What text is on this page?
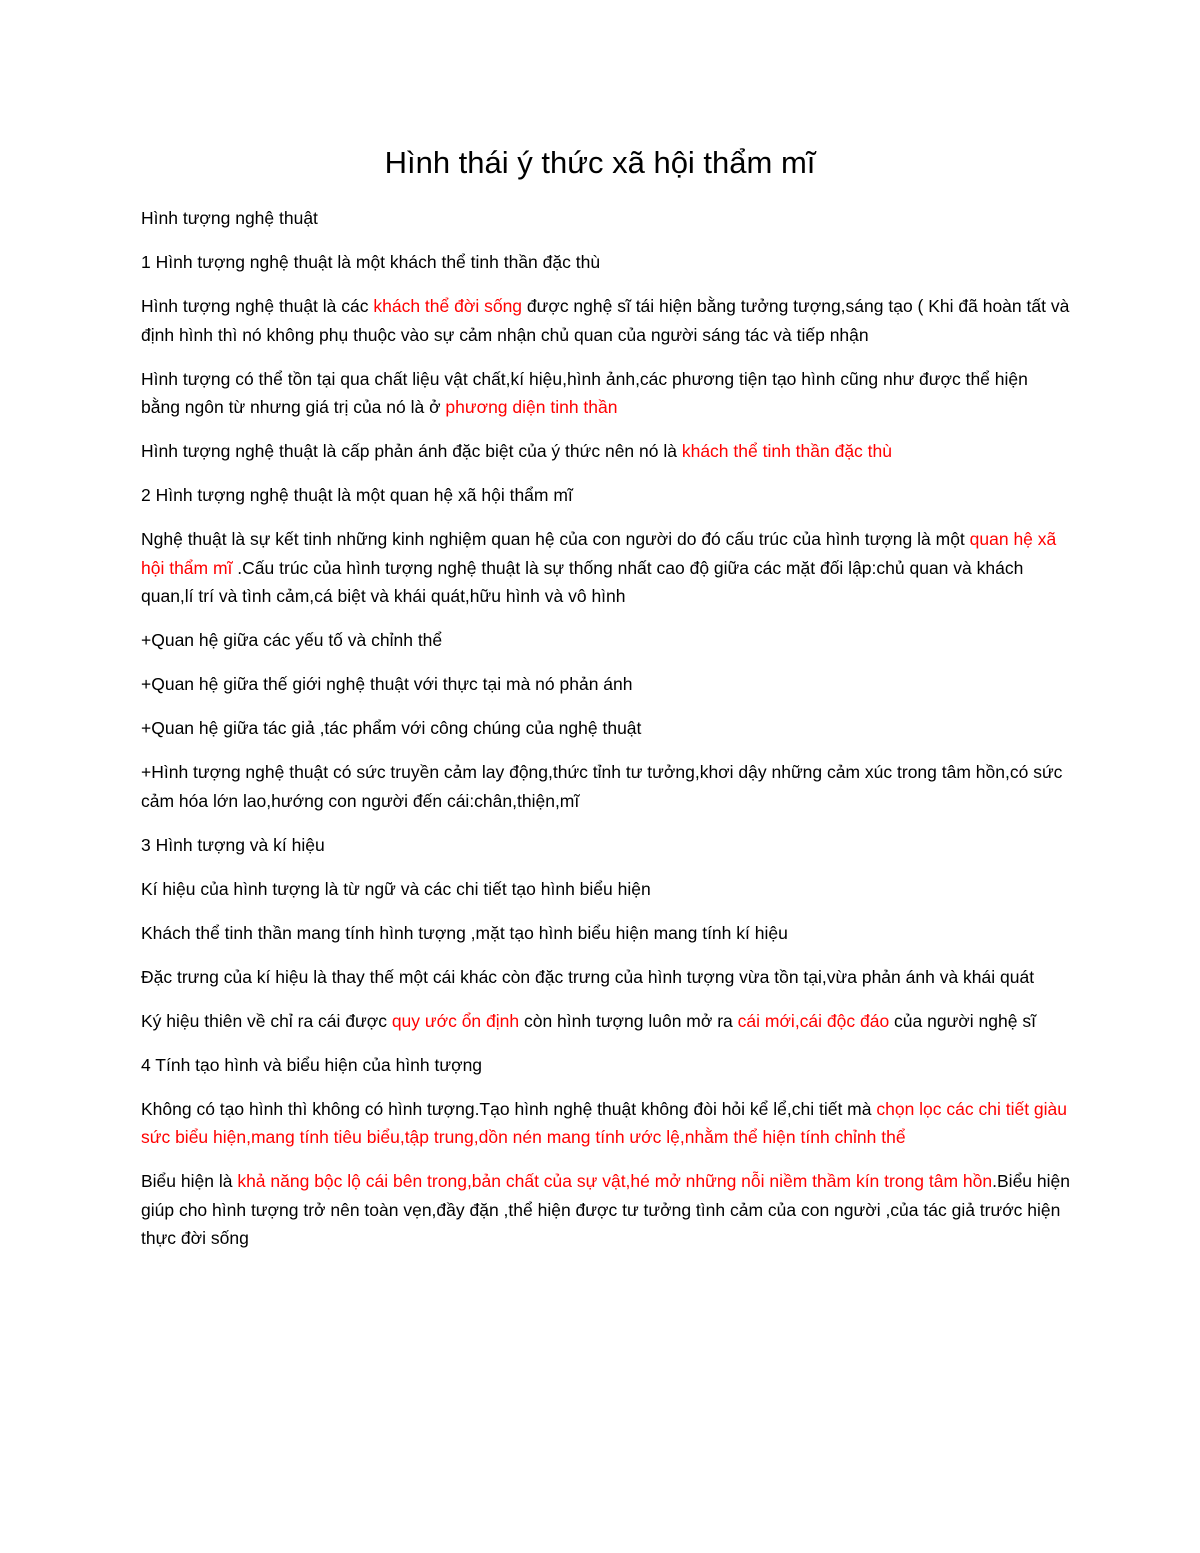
Hình thái ý thức xã hội thẩm mĩ

Hình tượng nghệ thuật

1 Hình tượng nghệ thuật là một khách thể tinh thần đặc thù

Hình tượng nghệ thuật là các khách thể đời sống được nghệ sĩ tái hiện bằng tưởng tượng,sáng tạo ( Khi đã hoàn tất và định hình thì nó không phụ thuộc vào sự cảm nhận chủ quan của người sáng tác và tiếp nhận

Hình tượng có thể tồn tại qua chất liệu vật chất,kí hiệu,hình ảnh,các phương tiện tạo hình cũng như được thể hiện bằng ngôn từ nhưng giá trị của nó là ở phương diện tinh thần

Hình tượng nghệ thuật là cấp phản ánh đặc biệt của ý thức nên nó là khách thể tinh thần đặc thù

2 Hình tượng nghệ thuật là một quan hệ xã hội thẩm mĩ

Nghệ thuật là sự kết tinh những kinh nghiệm quan hệ của con người do đó cấu trúc của hình tượng là một quan hệ xã hội thẩm mĩ .Cấu trúc của hình tượng nghệ thuật là sự thống nhất cao độ giữa các mặt đối lập:chủ quan và khách quan,lí trí và tình cảm,cá biệt và khái quát,hữu hình và vô hình

+Quan hệ giữa các yếu tố và chỉnh thể

+Quan hệ giữa thế giới nghệ thuật với thực tại mà nó phản ánh

+Quan hệ giữa tác giả ,tác phẩm với công chúng của nghệ thuật

+Hình tượng nghệ thuật có sức truyền cảm lay động,thức tỉnh tư tưởng,khơi dậy những cảm xúc trong tâm hồn,có sức cảm hóa lớn lao,hướng con người đến cái:chân,thiện,mĩ

3 Hình tượng và kí hiệu

Kí hiệu của hình tượng là từ ngữ và các chi tiết tạo hình biểu hiện

Khách thể tinh thần mang tính hình tượng ,mặt tạo hình biểu hiện mang tính kí hiệu

Đặc trưng của kí hiệu là thay thế một cái khác còn đặc trưng của hình tượng vừa tồn tại,vừa phản ánh và khái quát

Ký hiệu thiên về chỉ ra cái được quy ước ổn định còn hình tượng luôn mở ra cái mới,cái độc đáo của người nghệ sĩ

4 Tính tạo hình và biểu hiện của hình tượng

Không có tạo hình thì không có hình tượng.Tạo hình nghệ thuật không đòi hỏi kể lể,chi tiết mà chọn lọc các chi tiết giàu sức biểu hiện,mang tính tiêu biểu,tập trung,dồn nén mang tính ước lệ,nhằm thể hiện tính chỉnh thể

Biểu hiện là khả năng bộc lộ cái bên trong,bản chất của sự vật,hé mở những nỗi niềm thầm kín trong tâm hồn.Biểu hiện giúp cho hình tượng trở nên toàn vẹn,đầy đặn ,thể hiện được tư tưởng tình cảm của con người ,của tác giả trước hiện thực đời sống
